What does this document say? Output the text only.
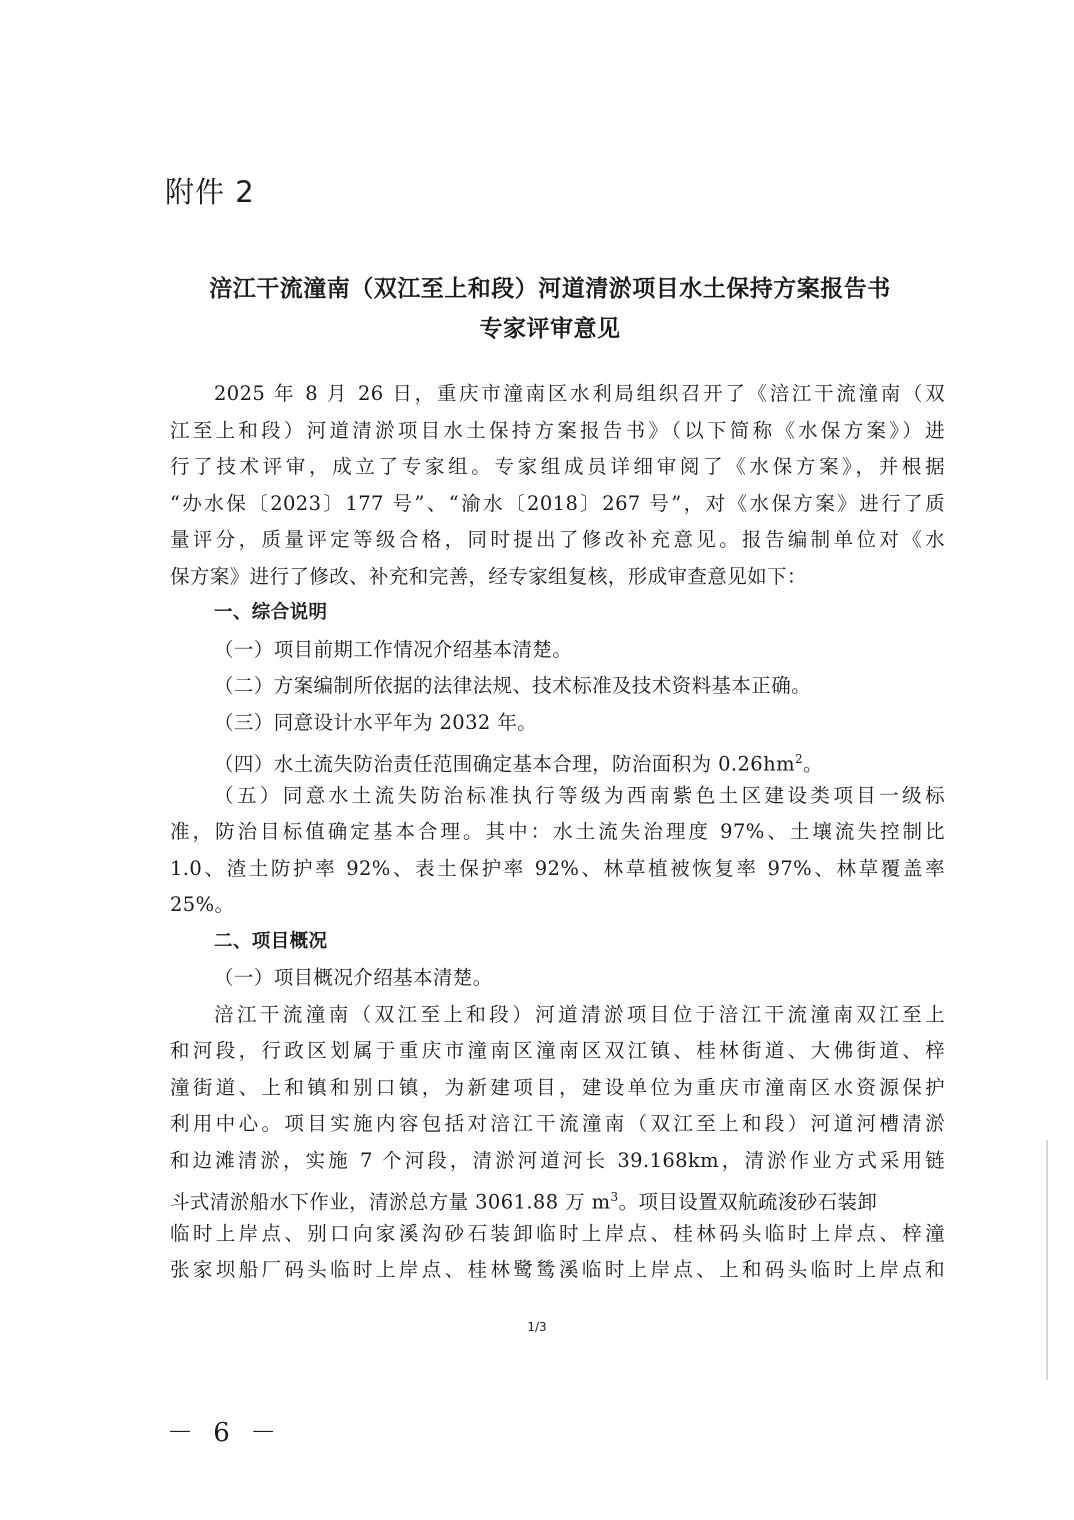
附件 2
涪江干流潼南（双江至上和段）河道清淤项目水土保持方案报告书
专家评审意见
2025 年 8 月 26 日，重庆市潼南区水利局组织召开了《涪江干流潼南（双
江至上和段）河道清淤项目水土保持方案报告书》（以下简称《水保方案》）进
行了技术评审，成立了专家组。专家组成员详细审阅了《水保方案》，并根据
“办水保〔2023〕177 号”、“渝水〔2018〕267 号”，对《水保方案》进行了质
量评分，质量评定等级合格，同时提出了修改补充意见。报告编制单位对《水
保方案》进行了修改、补充和完善，经专家组复核，形成审查意见如下：
一、综合说明
（一）项目前期工作情况介绍基本清楚。
（二）方案编制所依据的法律法规、技术标准及技术资料基本正确。
（三）同意设计水平年为 2032 年。
（四）水土流失防治责任范围确定基本合理，防治面积为 $0.26hm^2$。
（五）同意水土流失防治标准执行等级为西南紫色土区建设类项目一级标
准，防治目标值确定基本合理。其中：水土流失治理度 97%、土壤流失控制比
1.0、渣土防护率 92%、表土保护率 92%、林草植被恢复率 97%、林草覆盖率
25%。
二、项目概况
（一）项目概况介绍基本清楚。
涪江干流潼南（双江至上和段）河道清淤项目位于涪江干流潼南双江至上
和河段，行政区划属于重庆市潼南区潼南区双江镇、桂林街道、大佛街道、梓
潼街道、上和镇和别口镇，为新建项目，建设单位为重庆市潼南区水资源保护
利用中心。项目实施内容包括对涪江干流潼南（双江至上和段）河道河槽清淤
和边滩清淤，实施 7 个河段，清淤河道河长 39.168km，清淤作业方式采用链
斗式清淤船水下作业，清淤总方量 3061.88 万 $m^3$。项目设置双航疏浚砂石装卸
临时上岸点、别口向家溪沟砂石装卸临时上岸点、桂林码头临时上岸点、梓潼
张家坝船厂码头临时上岸点、桂林鹭鸶溪临时上岸点、上和码头临时上岸点和
1/3
－ 6 －
